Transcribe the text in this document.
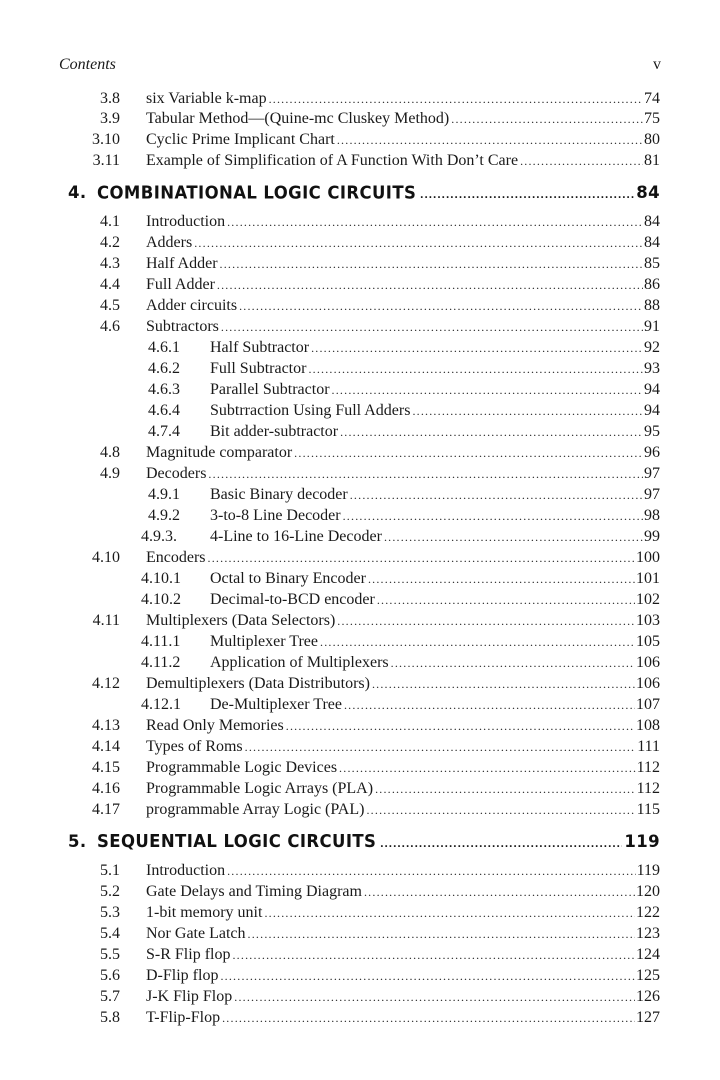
Contents	v
3.8 six Variable k-map .....	74
3.9 Tabular Method—(Quine-mc Cluskey Method) .....	75
3.10 Cyclic Prime Implicant Chart .....	80
3.11 Example of Simplification of A Function With Don’t Care .....	81
4. COMBINATIONAL LOGIC CIRCUITS .....	84
4.1 Introduction .....	84
4.2 Adders .....	84
4.3 Half Adder .....	85
4.4 Full Adder .....	86
4.5 Adder circuits .....	88
4.6 Subtractors .....	91
4.6.1 Half Subtractor .....	92
4.6.2 Full Subtractor .....	93
4.6.3 Parallel Subtractor .....	94
4.6.4 Subtrraction Using Full Adders .....	94
4.7.4 Bit adder-subtractor .....	95
4.8 Magnitude comparator .....	96
4.9 Decoders .....	97
4.9.1 Basic Binary decoder .....	97
4.9.2 3-to-8 Line Decoder .....	98
4.9.3. 4-Line to 16-Line Decoder .....	99
4.10 Encoders .....	100
4.10.1 Octal to Binary Encoder .....	101
4.10.2 Decimal-to-BCD encoder .....	102
4.11 Multiplexers (Data Selectors) .....	103
4.11.1 Multiplexer Tree .....	105
4.11.2 Application of Multiplexers .....	106
4.12 Demultiplexers (Data Distributors) .....	106
4.12.1 De-Multiplexer Tree .....	107
4.13 Read Only Memories .....	108
4.14 Types of Roms .....	111
4.15 Programmable Logic Devices .....	112
4.16 Programmable Logic Arrays (PLA) .....	112
4.17 programmable Array Logic (PAL) .....	115
5. SEQUENTIAL LOGIC CIRCUITS .....	119
5.1 Introduction .....	119
5.2 Gate Delays and Timing Diagram .....	120
5.3 1-bit memory unit .....	122
5.4 Nor Gate Latch .....	123
5.5 S-R Flip flop .....	124
5.6 D-Flip flop .....	125
5.7 J-K Flip Flop .....	126
5.8 T-Flip-Flop .....	127
